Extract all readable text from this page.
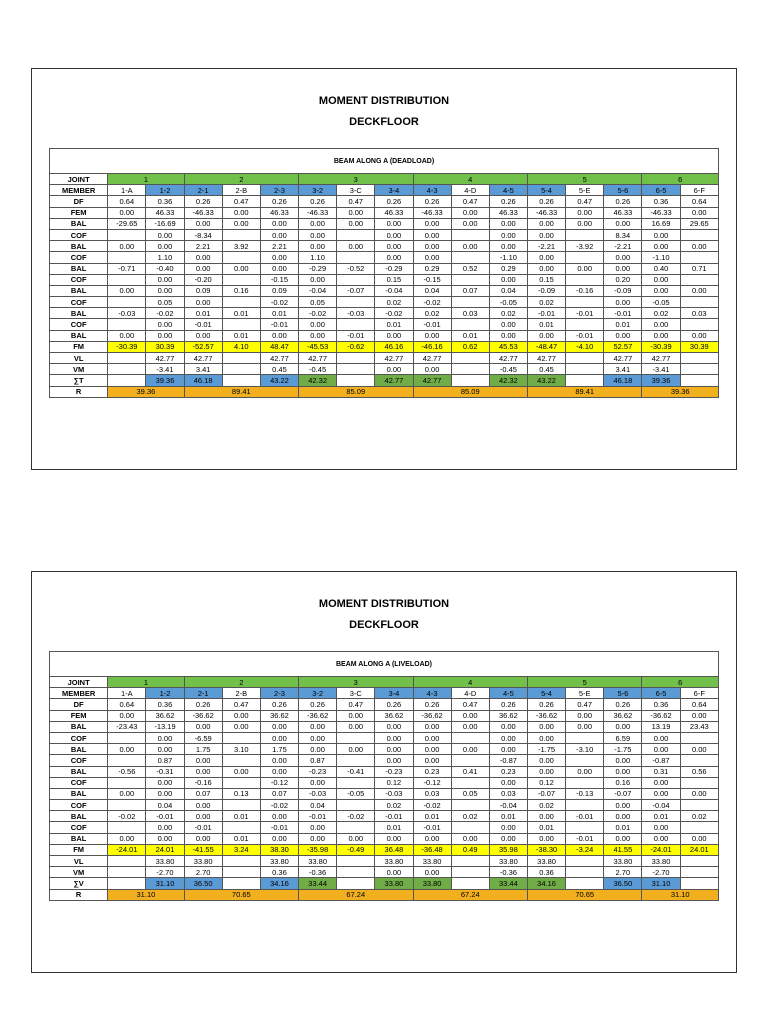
MOMENT DISTRIBUTION
DECKFLOOR
BEAM ALONG A (DEADLOAD)																
JOINT	1		2			3			4			5			6	
MEMBER	1-A	1-2	2-1	2-B	2-3	3-2	3-C	3-4	4-3	4-D	4-5	5-4	5-E	5-6	6-5	6-F
DF	0.64	0.36	0.26	0.47	0.26	0.26	0.47	0.26	0.26	0.47	0.26	0.26	0.47	0.26	0.36	0.64
FEM	0.00	46.33	-46.33	0.00	46.33	-46.33	0.00	46.33	-46.33	0.00	46.33	-46.33	0.00	46.33	-46.33	0.00
BAL	-29.65	-16.69	0.00	0.00	0.00	0.00	0.00	0.00	0.00	0.00	0.00	0.00	0.00	0.00	16.69	29.65
COF		0.00	-8.34		0.00	0.00		0.00	0.00		0.00	0.00		8.34	0.00	
BAL	0.00	0.00	2.21	3.92	2.21	0.00	0.00	0.00	0.00	0.00	0.00	-2.21	-3.92	-2.21	0.00	0.00
COF		1.10	0.00		0.00	1.10		0.00	0.00		-1.10	0.00		0.00	-1.10	
BAL	-0.71	-0.40	0.00	0.00	0.00	-0.29	-0.52	-0.29	0.29	0.52	0.29	0.00	0.00	0.00	0.40	0.71
COF		0.00	-0.20		-0.15	0.00		0.15	-0.15		0.00	0.15		0.20	0.00	
BAL	0.00	0.00	0.09	0.16	0.09	-0.04	-0.07	-0.04	0.04	0.07	0.04	-0.09	-0.16	-0.09	0.00	0.00
COF		0.05	0.00		-0.02	0.05		0.02	-0.02		-0.05	0.02		0.00	-0.05	
BAL	-0.03	-0.02	0.01	0.01	0.01	-0.02	-0.03	-0.02	0.02	0.03	0.02	-0.01	-0.01	-0.01	0.02	0.03
COF		0.00	-0.01		-0.01	0.00		0.01	-0.01		0.00	0.01		0.01	0.00	
BAL	0.00	0.00	0.00	0.01	0.00	0.00	-0.01	0.00	0.00	0.01	0.00	0.00	-0.01	0.00	0.00	0.00
FM	-30.39	30.39	-52.57	4.10	48.47	-45.53	-0.62	46.16	-46.16	0.62	45.53	-48.47	-4.10	52.57	-30.39	30.39
VL		42.77	42.77		42.77	42.77		42.77	42.77		42.77	42.77		42.77	42.77	
VM		-3.41	3.41		0.45	-0.45		0.00	0.00		-0.45	0.45		3.41	-3.41	
∑T		39.36	46.18		43.22	42.32		42.77	42.77		42.32	43.22		46.18	39.36	
R	39.36		89.41			85.09			85.09			89.41			39.36	
MOMENT DISTRIBUTION
DECKFLOOR
BEAM ALONG A (LIVELOAD)																
JOINT	1		2			3			4			5			6	
MEMBER	1-A	1-2	2-1	2-B	2-3	3-2	3-C	3-4	4-3	4-D	4-5	5-4	5-E	5-6	6-5	6-F
DF	0.64	0.36	0.26	0.47	0.26	0.26	0.47	0.26	0.26	0.47	0.26	0.26	0.47	0.26	0.36	0.64
FEM	0.00	36.62	-36.62	0.00	36.62	-36.62	0.00	36.62	-36.62	0.00	36.62	-36.62	0.00	36.62	-36.62	0.00
BAL	-23.43	-13.19	0.00	0.00	0.00	0.00	0.00	0.00	0.00	0.00	0.00	0.00	0.00	0.00	13.19	23.43
COF		0.00	-6.59		0.00	0.00		0.00	0.00		0.00	0.00		6.59	0.00	
BAL	0.00	0.00	1.75	3.10	1.75	0.00	0.00	0.00	0.00	0.00	0.00	-1.75	-3.10	-1.75	0.00	0.00
COF		0.87	0.00		0.00	0.87		0.00	0.00		-0.87	0.00		0.00	-0.87	
BAL	-0.56	-0.31	0.00	0.00	0.00	-0.23	-0.41	-0.23	0.23	0.41	0.23	0.00	0.00	0.00	0.31	0.56
COF		0.00	-0.16		-0.12	0.00		0.12	-0.12		0.00	0.12		0.16	0.00	
BAL	0.00	0.00	0.07	0.13	0.07	-0.03	-0.05	-0.03	0.03	0.05	0.03	-0.07	-0.13	-0.07	0.00	0.00
COF		0.04	0.00		-0.02	0.04		0.02	-0.02		-0.04	0.02		0.00	-0.04	
BAL	-0.02	-0.01	0.00	0.01	0.00	-0.01	-0.02	-0.01	0.01	0.02	0.01	0.00	-0.01	0.00	0.01	0.02
COF		0.00	-0.01		-0.01	0.00		0.01	-0.01		0.00	0.01		0.01	0.00	
BAL	0.00	0.00	0.00	0.01	0.00	0.00	0.00	0.00	0.00	0.00	0.00	0.00	-0.01	0.00	0.00	0.00
FM	-24.01	24.01	-41.55	3.24	38.30	-35.98	-0.49	36.48	-36.48	0.49	35.98	-38.30	-3.24	41.55	-24.01	24.01
VL		33.80	33.80		33.80	33.80		33.80	33.80		33.80	33.80		33.80	33.80	
VM		-2.70	2.70		0.36	-0.36		0.00	0.00		-0.36	0.36		2.70	-2.70	
∑V		31.10	36.50		34.16	33.44		33.80	33.80		33.44	34.16		36.50	31.10	
R	31.10		70.65			67.24			67.24			70.65			31.10	
